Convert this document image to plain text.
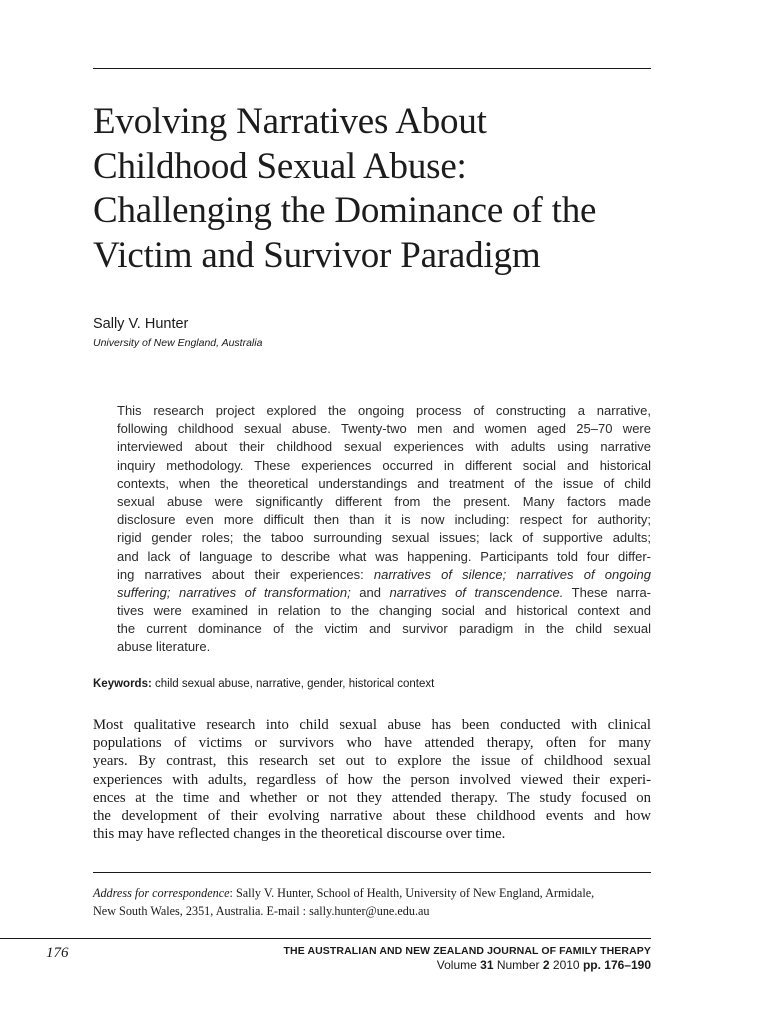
Evolving Narratives About
Childhood Sexual Abuse:
Challenging the Dominance of the
Victim and Survivor Paradigm
Sally V. Hunter
University of New England, Australia
This research project explored the ongoing process of constructing a narrative,
following childhood sexual abuse. Twenty-two men and women aged 25–70 were
interviewed about their childhood sexual experiences with adults using narrative
inquiry methodology. These experiences occurred in different social and historical
contexts, when the theoretical understandings and treatment of the issue of child
sexual abuse were significantly different from the present. Many factors made
disclosure even more difficult then than it is now including: respect for authority;
rigid gender roles; the taboo surrounding sexual issues; lack of supportive adults;
and lack of language to describe what was happening. Participants told four differ-
ing narratives about their experiences: narratives of silence; narratives of ongoing
suffering; narratives of transformation; and narratives of transcendence. These narra-
tives were examined in relation to the changing social and historical context and
the current dominance of the victim and survivor paradigm in the child sexual
abuse literature.
Keywords: child sexual abuse, narrative, gender, historical context
Most qualitative research into child sexual abuse has been conducted with clinical
populations of victims or survivors who have attended therapy, often for many
years. By contrast, this research set out to explore the issue of childhood sexual
experiences with adults, regardless of how the person involved viewed their experi-
ences at the time and whether or not they attended therapy. The study focused on
the development of their evolving narrative about these childhood events and how
this may have reflected changes in the theoretical discourse over time.
Address for correspondence: Sally V. Hunter, School of Health, University of New England, Armidale,
New South Wales, 2351, Australia. E-mail : sally.hunter@une.edu.au
176	THE AUSTRALIAN AND NEW ZEALAND JOURNAL OF FAMILY THERAPY
Volume 31 Number 2 2010 pp. 176–190
